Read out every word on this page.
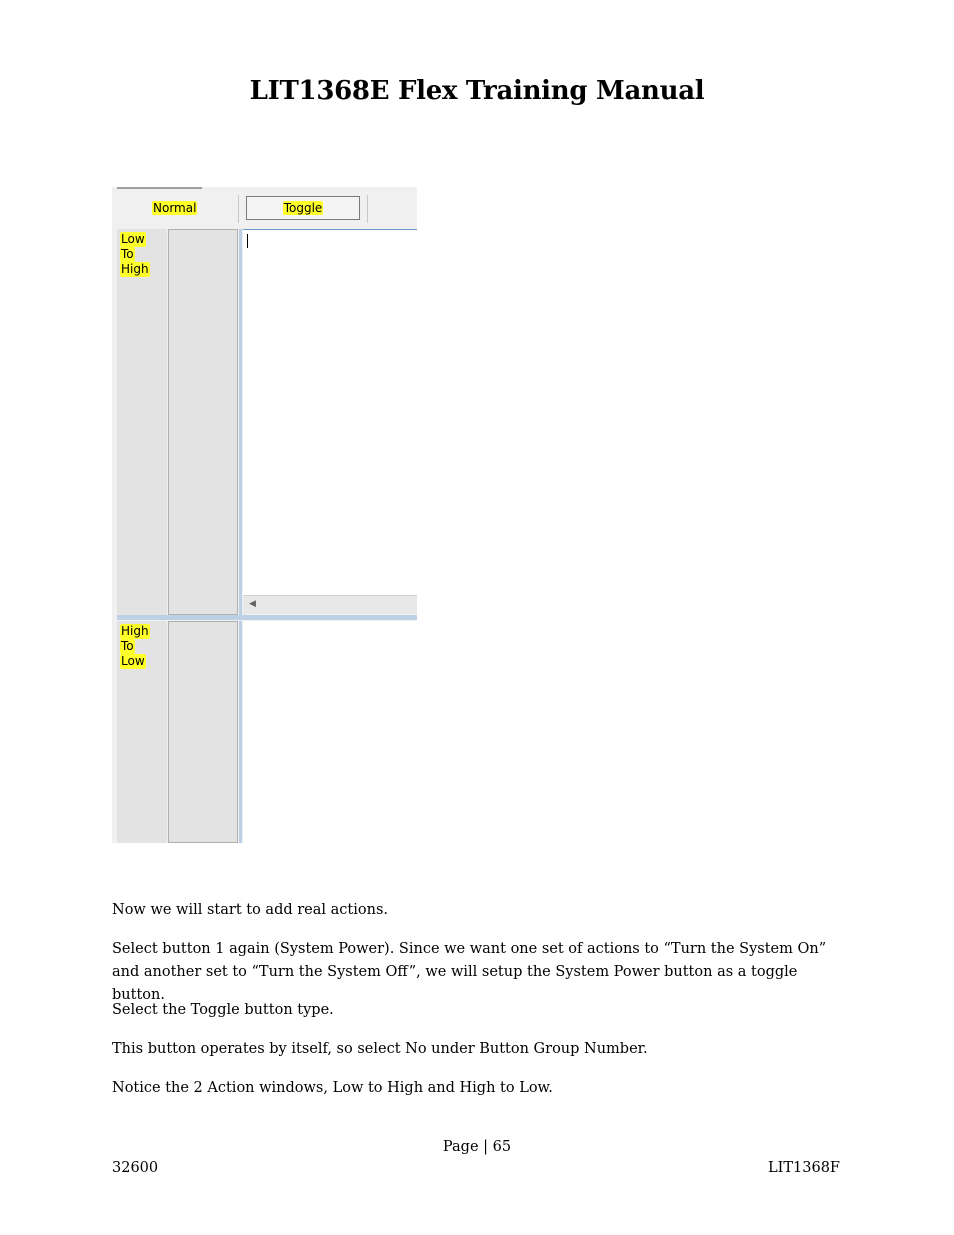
LIT1368E Flex Training Manual
Normal	Toggle
Low
To
High
◀
High
To
Low
Now we will start to add real actions.
Select button 1 again (System Power). Since we want one set of actions to “Turn the System On” and another set to “Turn the System Off”, we will setup the System Power button as a toggle button.
Select the Toggle button type.
This button operates by itself, so select No under Button Group Number.
Notice the 2 Action windows, Low to High and High to Low.
Page | 65
32600	LIT1368F
